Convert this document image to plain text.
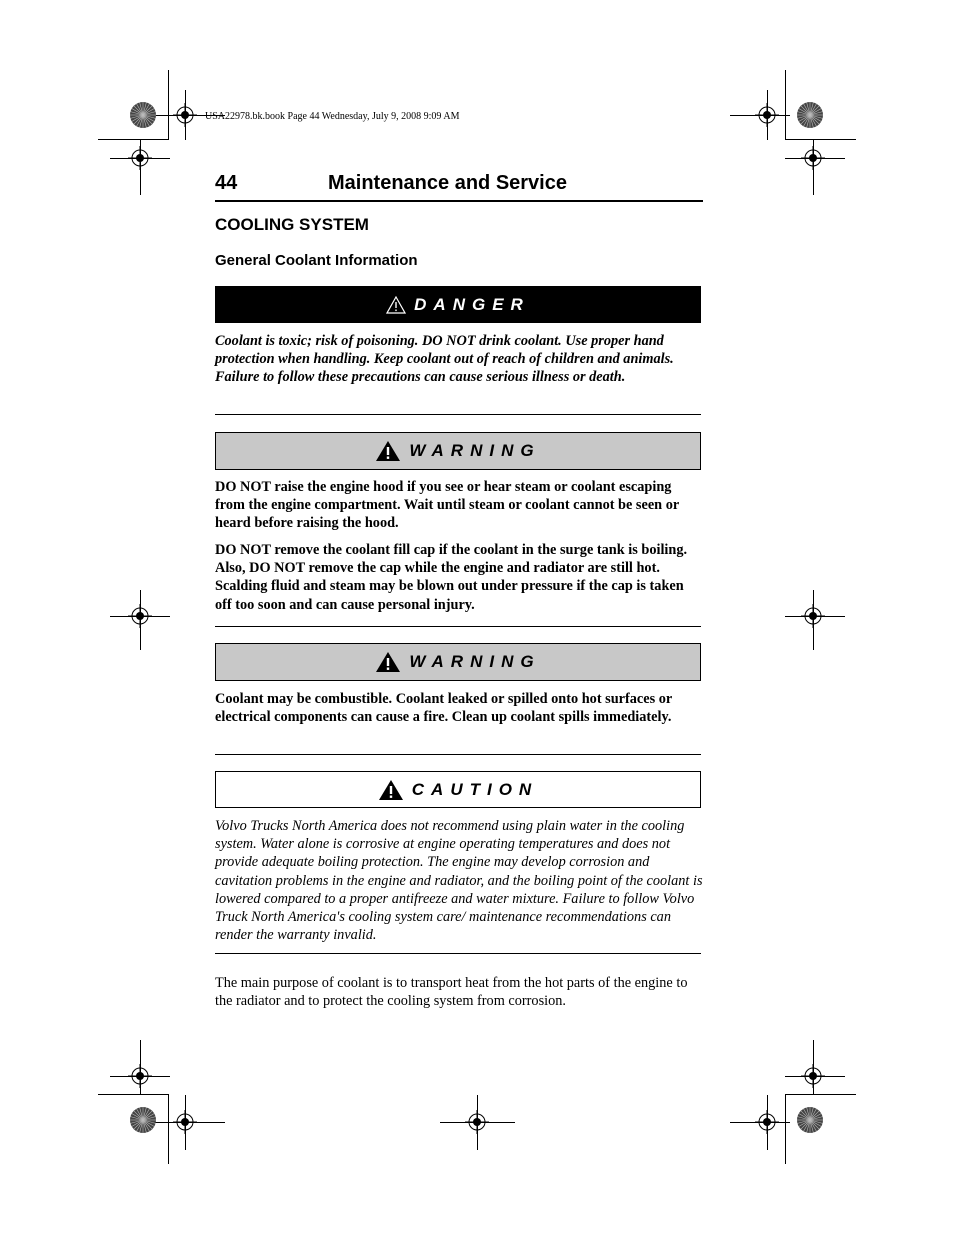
USA22978.bk.book Page 44 Wednesday, July 9, 2008 9:09 AM
44	Maintenance and Service
COOLING SYSTEM
General Coolant Information
DANGER
Coolant is toxic; risk of poisoning. DO NOT drink coolant. Use proper hand protection when handling. Keep coolant out of reach of children and animals. Failure to follow these precautions can cause serious illness or death.
WARNING
DO NOT raise the engine hood if you see or hear steam or coolant escaping from the engine compartment. Wait until steam or coolant cannot be seen or heard before raising the hood.
DO NOT remove the coolant fill cap if the coolant in the surge tank is boiling. Also, DO NOT remove the cap while the engine and radiator are still hot. Scalding fluid and steam may be blown out under pressure if the cap is taken off too soon and can cause personal injury.
WARNING
Coolant may be combustible. Coolant leaked or spilled onto hot surfaces or electrical components can cause a fire. Clean up coolant spills immediately.
CAUTION
Volvo Trucks North America does not recommend using plain water in the cooling system. Water alone is corrosive at engine operating temperatures and does not provide adequate boiling protection. The engine may develop corrosion and cavitation problems in the engine and radiator, and the boiling point of the coolant is lowered compared to a proper antifreeze and water mixture. Failure to follow Volvo Truck North America's cooling system care/ maintenance recommendations can render the warranty invalid.
The main purpose of coolant is to transport heat from the hot parts of the engine to the radiator and to protect the cooling system from corrosion.
